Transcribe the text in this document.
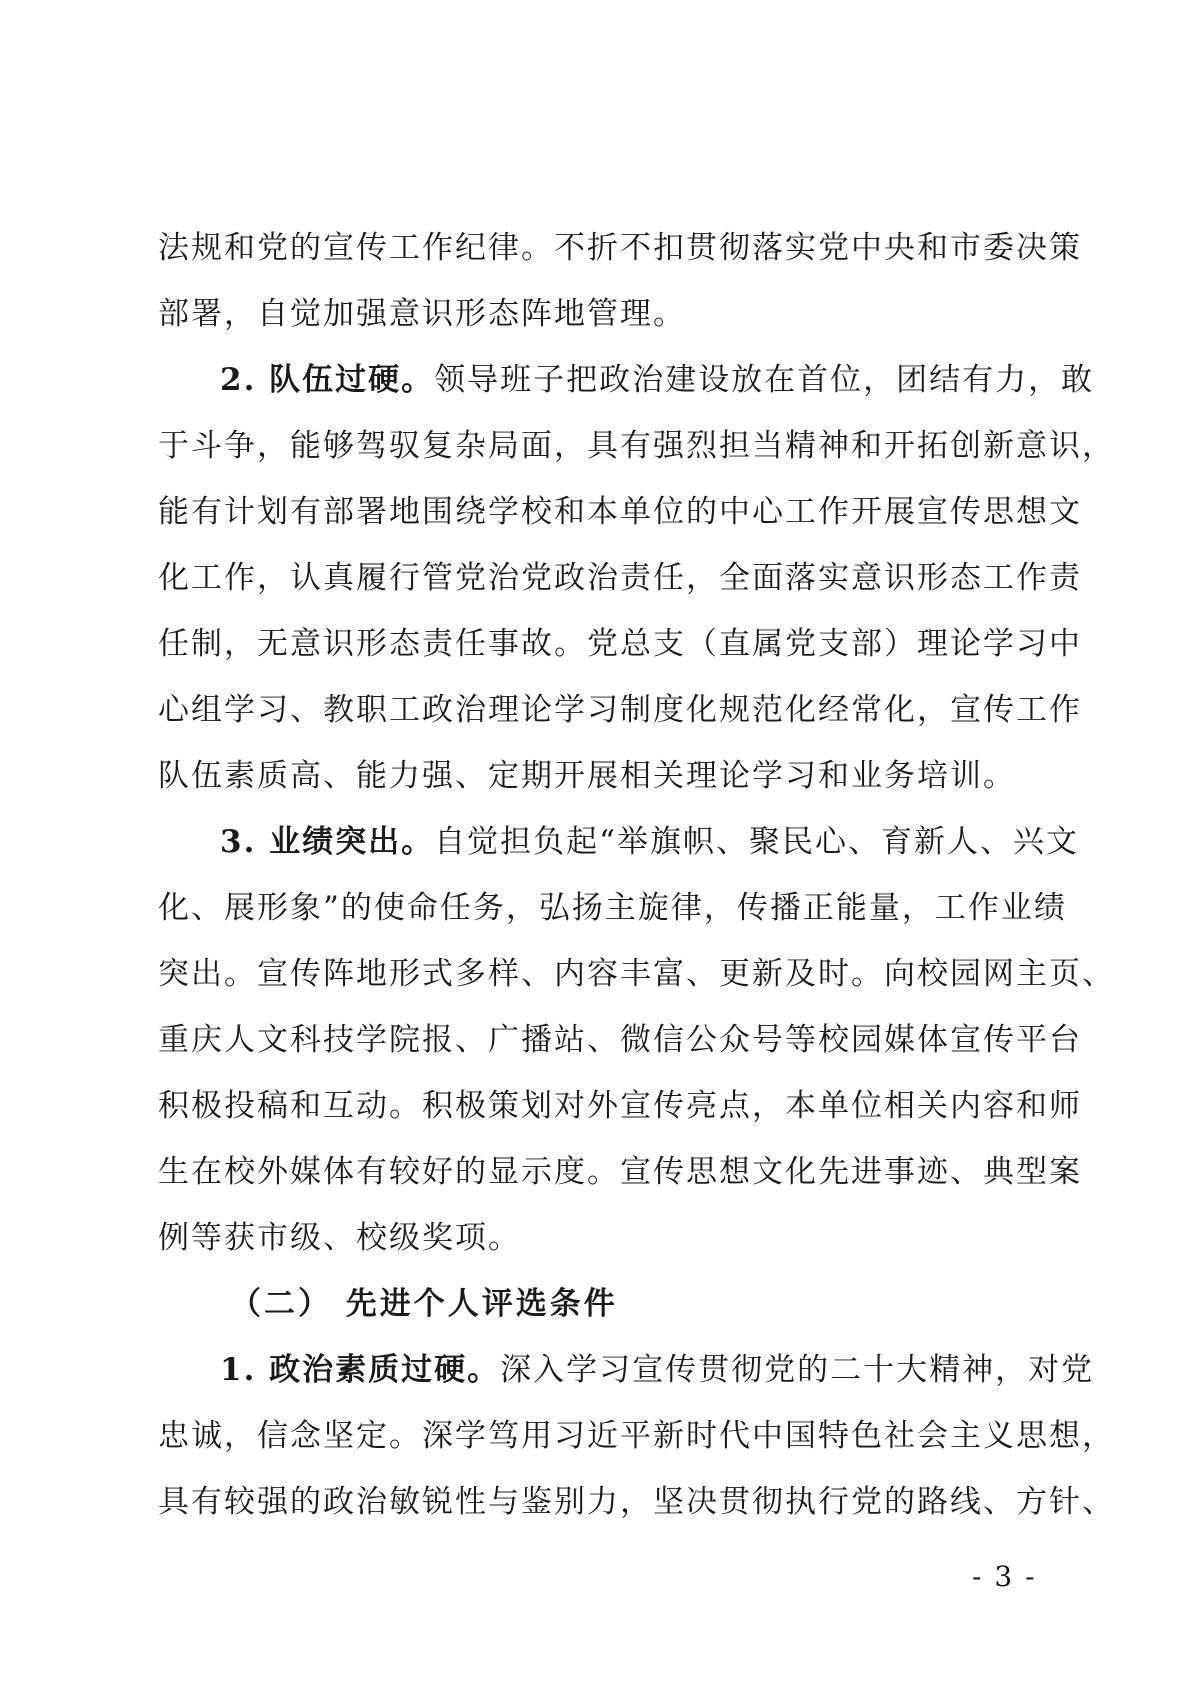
法规和党的宣传工作纪律。不折不扣贯彻落实党中央和市委决策
部署，自觉加强意识形态阵地管理。
2. 队伍过硬。领导班子把政治建设放在首位，团结有力，敢
于斗争，能够驾驭复杂局面，具有强烈担当精神和开拓创新意识，
能有计划有部署地围绕学校和本单位的中心工作开展宣传思想文
化工作，认真履行管党治党政治责任，全面落实意识形态工作责
任制，无意识形态责任事故。党总支（直属党支部）理论学习中
心组学习、教职工政治理论学习制度化规范化经常化，宣传工作
队伍素质高、能力强、定期开展相关理论学习和业务培训。
3. 业绩突出。自觉担负起“举旗帜、聚民心、育新人、兴文
化、展形象”的使命任务，弘扬主旋律，传播正能量，工作业绩
突出。宣传阵地形式多样、内容丰富、更新及时。向校园网主页、
重庆人文科技学院报、广播站、微信公众号等校园媒体宣传平台
积极投稿和互动。积极策划对外宣传亮点，本单位相关内容和师
生在校外媒体有较好的显示度。宣传思想文化先进事迹、典型案
例等获市级、校级奖项。
（二） 先进个人评选条件
1. 政治素质过硬。深入学习宣传贯彻党的二十大精神，对党
忠诚，信念坚定。深学笃用习近平新时代中国特色社会主义思想，
具有较强的政治敏锐性与鉴别力，坚决贯彻执行党的路线、方针、
- 3 -
